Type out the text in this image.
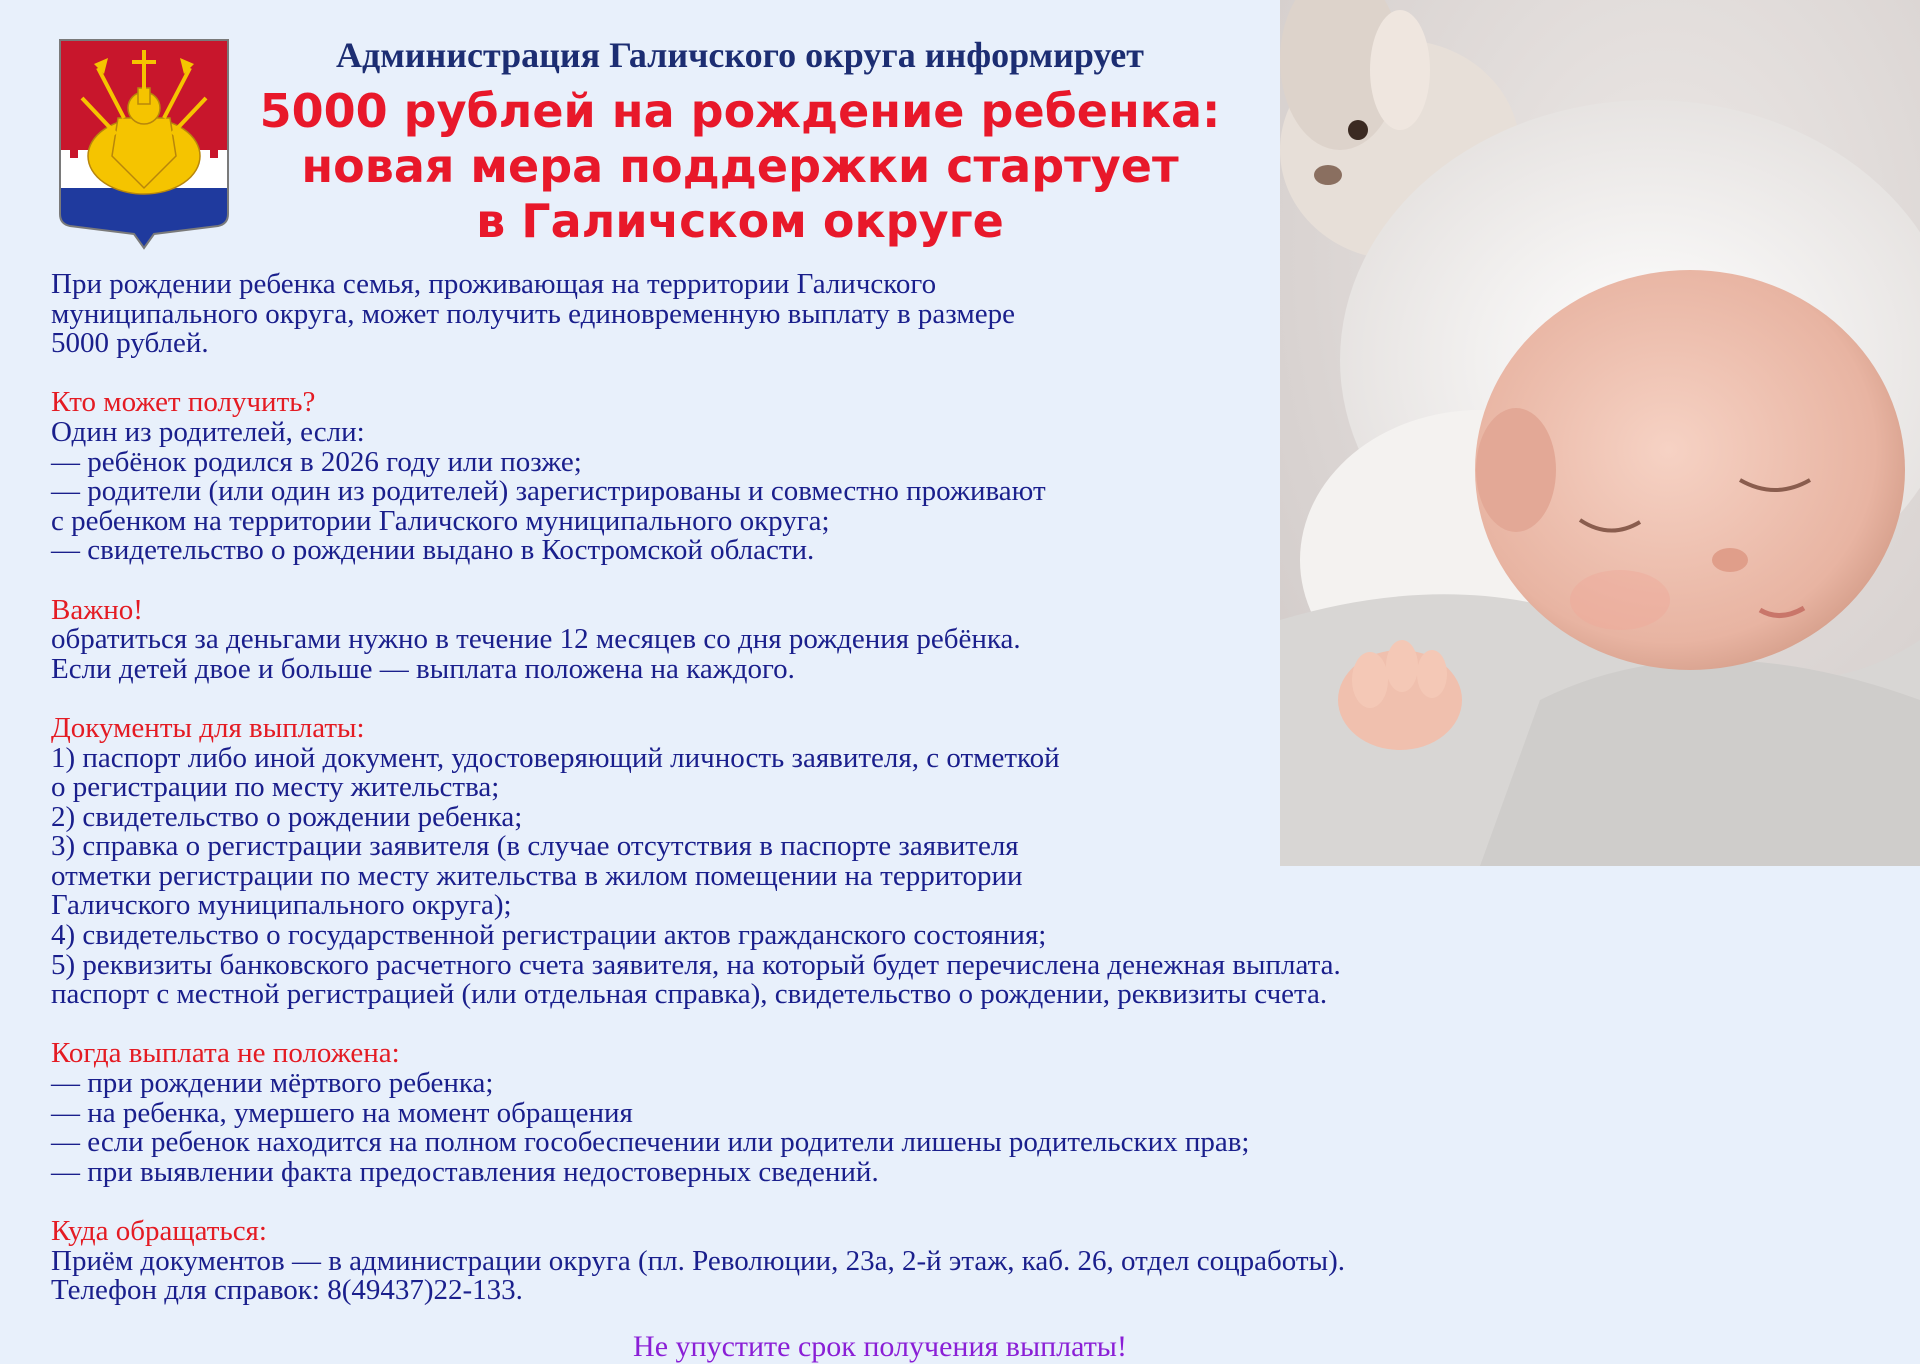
Администрация Галичского округа информирует
5000 рублей на рождение ребенка:
новая мера поддержки стартует
в Галичском округе

При рождении ребенка семья, проживающая на территории Галичского

муниципального округа, может получить единовременную выплату в размере

5000 рублей.

Кто может получить?

Один из родителей, если:

— ребёнок родился в 2026 году или позже;

— родители (или один из родителей) зарегистрированы и совместно проживают

с ребенком на территории Галичского муниципального округа;

— свидетельство о рождении выдано в Костромской области.

Важно!

обратиться за деньгами нужно в течение 12 месяцев со дня рождения ребёнка.

Если детей двое и больше — выплата положена на каждого.

Документы для выплаты:

1) паспорт либо иной документ, удостоверяющий личность заявителя, с отметкой

о регистрации по месту жительства;

2) свидетельство о рождении ребенка;

3) справка о регистрации заявителя (в случае отсутствия в паспорте заявителя

отметки регистрации по месту жительства в жилом помещении на территории

Галичского муниципального округа);

4) свидетельство о государственной регистрации актов гражданского состояния;

5) реквизиты банковского расчетного счета заявителя, на который будет перечислена денежная выплата.

паспорт с местной регистрацией (или отдельная справка), свидетельство о рождении, реквизиты счета.

Когда выплата не положена:

— при рождении мёртвого ребенка;

— на ребенка, умершего на момент обращения

— если ребенок находится на полном гособеспечении или родители лишены родительских прав;

— при выявлении факта предоставления недостоверных сведений.

Куда обращаться:

Приём документов — в администрации округа (пл. Революции, 23а, 2-й этаж, каб. 26, отдел соцработы).

Телефон для справок: 8(49437)22-133.

Не упустите срок получения выплаты!
